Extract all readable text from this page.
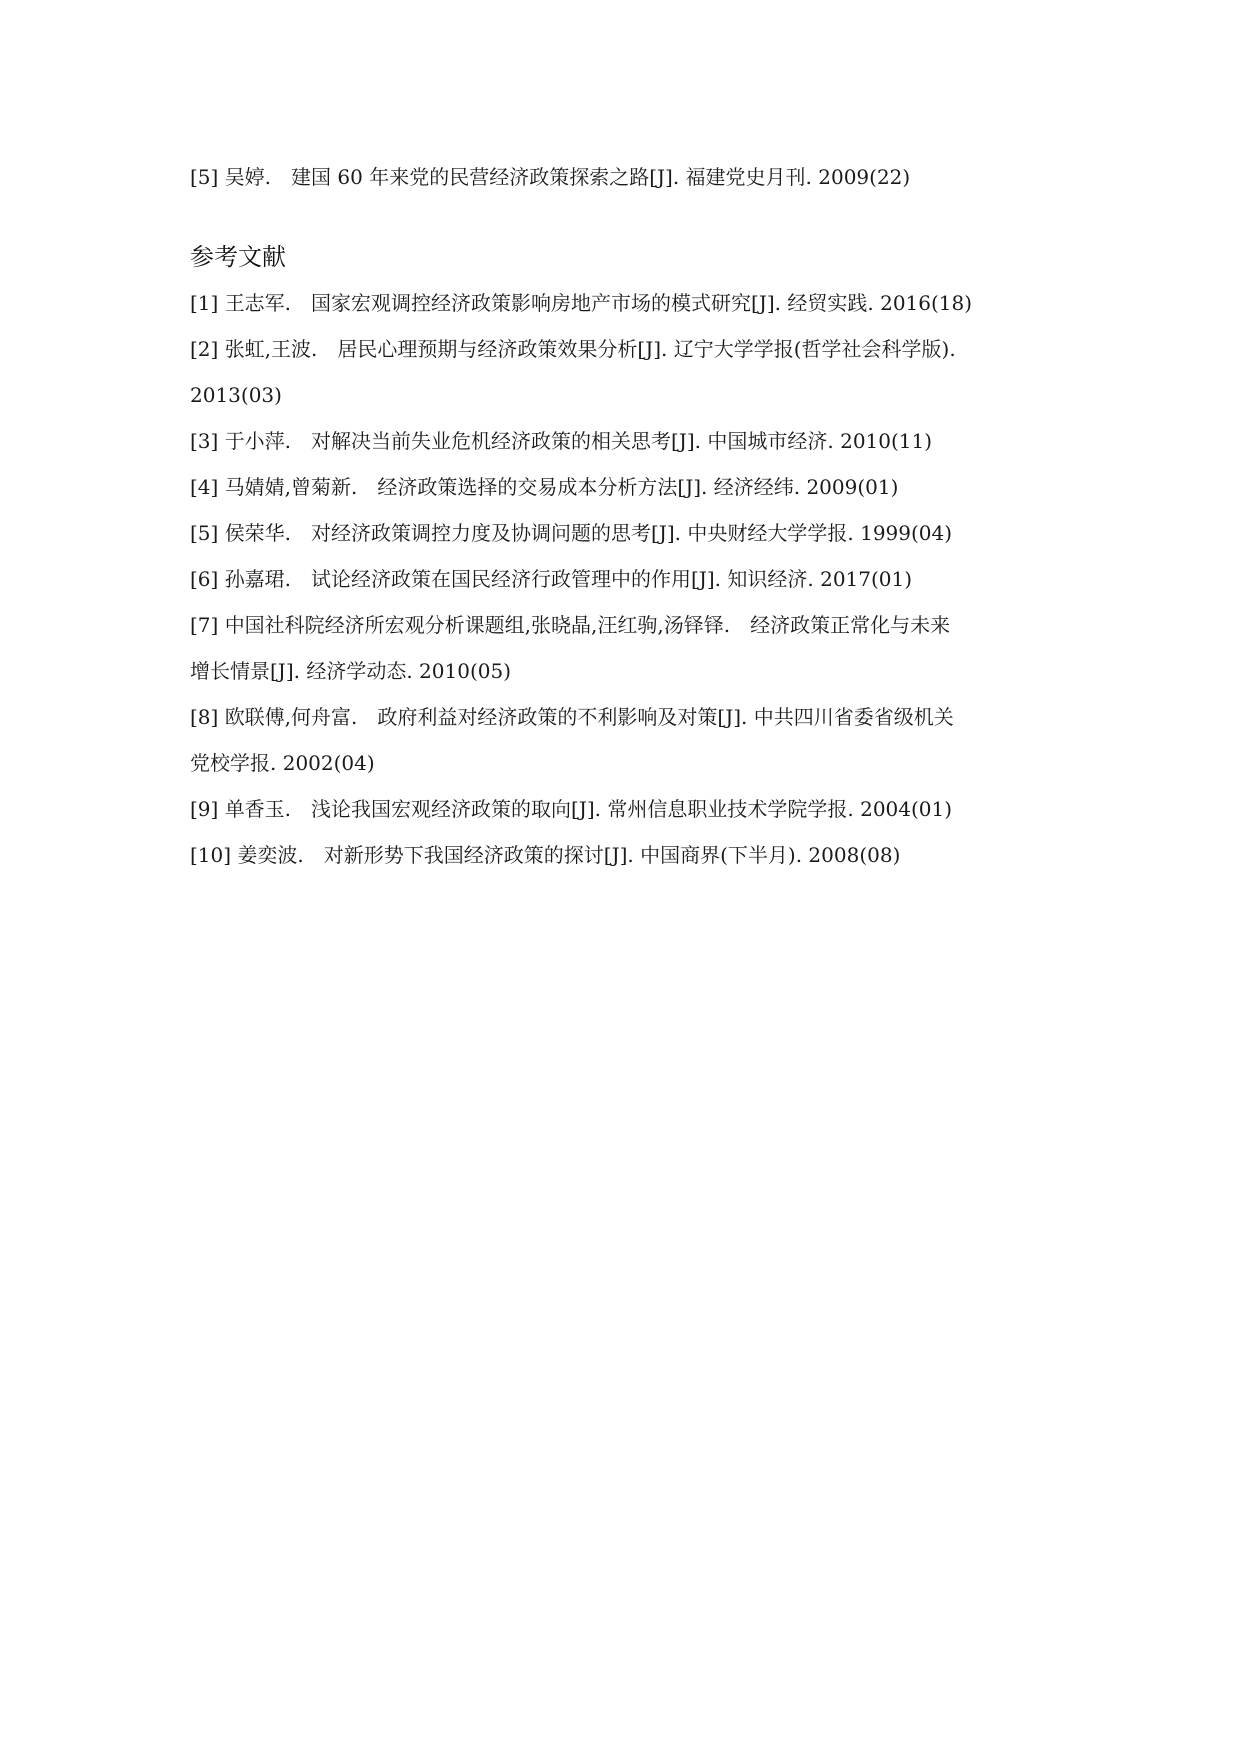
[5] 吴婷.　建国 60 年来党的民营经济政策探索之路[J]. 福建党史月刊. 2009(22)
参考文献
[1] 王志军.　国家宏观调控经济政策影响房地产市场的模式研究[J]. 经贸实践. 2016(18)
[2] 张虹,王波.　居民心理预期与经济政策效果分析[J]. 辽宁大学学报(哲学社会科学版).
2013(03)
[3] 于小萍.　对解决当前失业危机经济政策的相关思考[J]. 中国城市经济. 2010(11)
[4] 马婧婧,曾菊新.　经济政策选择的交易成本分析方法[J]. 经济经纬. 2009(01)
[5] 侯荣华.　对经济政策调控力度及协调问题的思考[J]. 中央财经大学学报. 1999(04)
[6] 孙嘉珺.　试论经济政策在国民经济行政管理中的作用[J]. 知识经济. 2017(01)
[7] 中国社科院经济所宏观分析课题组,张晓晶,汪红驹,汤铎铎.　经济政策正常化与未来
增长情景[J]. 经济学动态. 2010(05)
[8] 欧联傅,何舟富.　政府利益对经济政策的不利影响及对策[J]. 中共四川省委省级机关
党校学报. 2002(04)
[9] 单香玉.　浅论我国宏观经济政策的取向[J]. 常州信息职业技术学院学报. 2004(01)
[10] 姜奕波.　对新形势下我国经济政策的探讨[J]. 中国商界(下半月). 2008(08)
